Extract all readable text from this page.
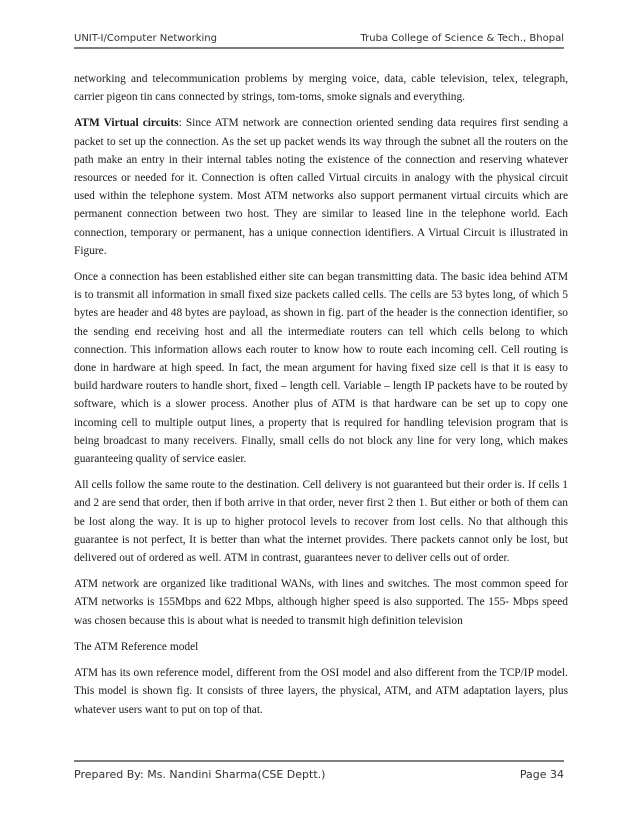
UNIT-I/Computer Networking	Truba College of Science & Tech., Bhopal

networking and telecommunication problems by merging voice, data, cable television, telex, telegraph, carrier pigeon tin cans connected by strings, tom-toms, smoke signals and everything.

ATM Virtual circuits: Since ATM network are connection oriented sending data requires first sending a packet to set up the connection. As the set up packet wends its way through the subnet all the routers on the path make an entry in their internal tables noting the existence of the connection and reserving whatever resources or needed for it. Connection is often called Virtual circuits in analogy with the physical circuit used within the telephone system. Most ATM networks also support permanent virtual circuits which are permanent connection between two host. They are similar to leased line in the telephone world. Each connection, temporary or permanent, has a unique connection identifiers. A Virtual Circuit is illustrated in Figure.

Once a connection has been established either site can began transmitting data. The basic idea behind ATM is to transmit all information in small fixed size packets called cells. The cells are 53 bytes long, of which 5 bytes are header and 48 bytes are payload, as shown in fig. part of the header is the connection identifier, so the sending end receiving host and all the intermediate routers can tell which cells belong to which connection. This information allows each router to know how to route each incoming cell. Cell routing is done in hardware at high speed. In fact, the mean argument for having fixed size cell is that it is easy to build hardware routers to handle short, fixed – length cell. Variable – length IP packets have to be routed by software, which is a slower process. Another plus of ATM is that hardware can be set up to copy one incoming cell to multiple output lines, a property that is required for handling television program that is being broadcast to many receivers. Finally, small cells do not block any line for very long, which makes guaranteeing quality of service easier.

All cells follow the same route to the destination. Cell delivery is not guaranteed but their order is. If cells 1 and 2 are send that order, then if both arrive in that order, never first 2 then 1. But either or both of them can be lost along the way. It is up to higher protocol levels to recover from lost cells. No that although this guarantee is not perfect, It is better than what the internet provides. There packets cannot only be lost, but delivered out of ordered as well. ATM in contrast, guarantees never to deliver cells out of order.

ATM network are organized like traditional WANs, with lines and switches. The most common speed for ATM networks is 155Mbps and 622 Mbps, although higher speed is also supported. The 155- Mbps speed was chosen because this is about what is needed to transmit high definition television

The ATM Reference model

ATM has its own reference model, different from the OSI model and also different from the TCP/IP model. This model is shown fig. It consists of three layers, the physical, ATM, and ATM adaptation layers, plus whatever users want to put on top of that.

Prepared By: Ms. Nandini Sharma(CSE Deptt.)	Page 34
